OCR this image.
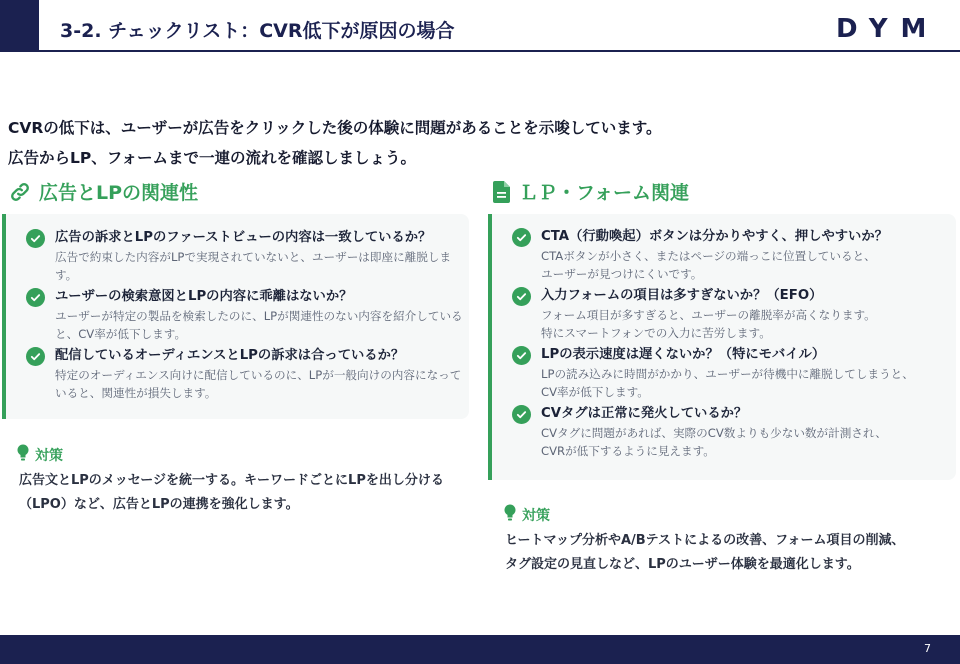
3-2. チェックリスト：CVR低下が原因の場合	DYM
CVRの低下は、ユーザーが広告をクリックした後の体験に問題があることを示唆しています。
広告からLP、フォームまで一連の流れを確認しましょう。
広告とLPの関連性	ＬＰ・フォーム関連
広告の訴求とLPのファーストビューの内容は一致しているか？
広告で約束した内容がLPで実現されていないと、ユーザーは即座に離脱します。
ユーザーの検索意図とLPの内容に乖離はないか？
ユーザーが特定の製品を検索したのに、LPが関連性のない内容を紹介していると、CV率が低下します。
配信しているオーディエンスとLPの訴求は合っているか？
特定のオーディエンス向けに配信しているのに、LPが一般向けの内容になっていると、関連性が損失します。
対策
広告文とLPのメッセージを統一する。キーワードごとにLPを出し分ける
（LPO）など、広告とLPの連携を強化します。
CTA（行動喚起）ボタンは分かりやすく、押しやすいか？
CTAボタンが小さく、またはページの端っこに位置していると、
ユーザーが見つけにくいです。
入力フォームの項目は多すぎないか？（EFO）
フォーム項目が多すぎると、ユーザーの離脱率が高くなります。
特にスマートフォンでの入力に苦労します。
LPの表示速度は遅くないか？（特にモバイル）
LPの読み込みに時間がかかり、ユーザーが待機中に離脱してしまうと、
CV率が低下します。
CVタグは正常に発火しているか？
CVタグに問題があれば、実際のCV数よりも少ない数が計測され、
CVRが低下するように見えます。
対策
ヒートマップ分析やA/Bテストによるの改善、フォーム項目の削減、
タグ設定の見直しなど、LPのユーザー体験を最適化します。
7
